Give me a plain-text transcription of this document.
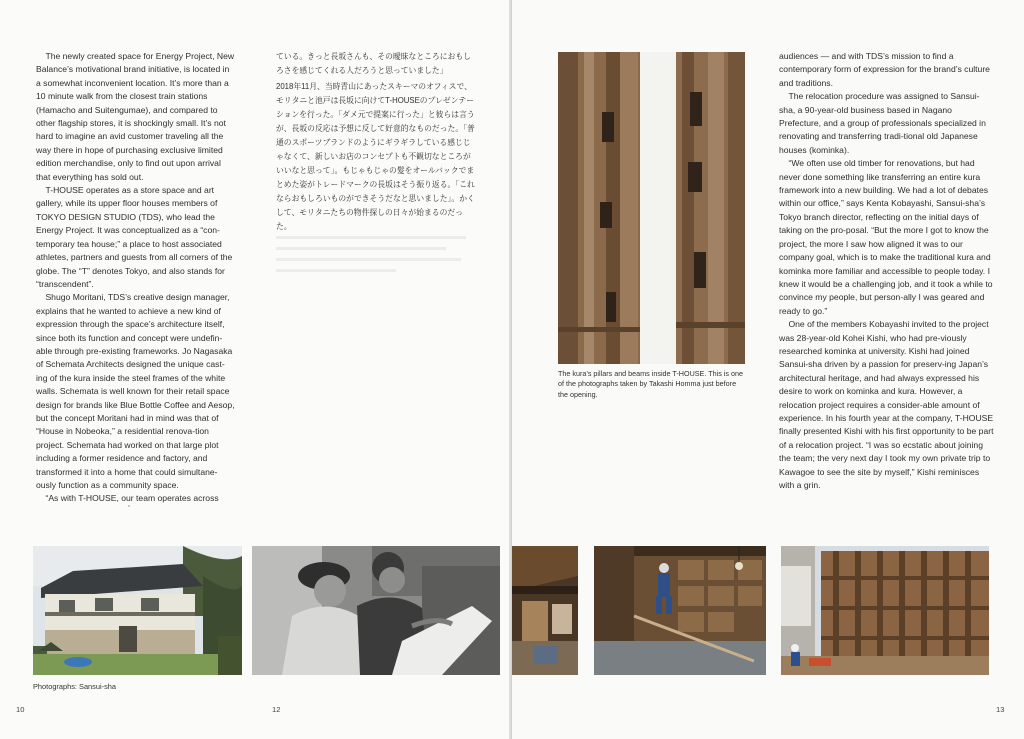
The newly created space for Energy Project, New Balance’s motivational brand initiative, is located in a somewhat inconvenient location. It’s more than a 10 minute walk from the closest train stations (Hamacho and Suitengumae), and compared to other flagship stores, it is shockingly small. It’s not hard to imagine an avid customer traveling all the way there in hope of purchasing exclusive limited edition merchandise, only to find out upon arrival that everything has sold out.

T-HOUSE operates as a store space and art gallery, while its upper floor houses members of TOKYO DESIGN STUDIO (TDS), who lead the Energy Project. It was conceptualized as a “con-temporary tea house;” a place to host associated athletes, partners and guests from all corners of the globe. The “T” denotes Tokyo, and also stands for “transcendent”.

Shugo Moritani, TDS’s creative design manager, explains that he wanted to achieve a new kind of expression through the space’s architecture itself, since both its function and concept were undefin-able through pre-existing frameworks. Jo Nagasaka of Schemata Architects designed the unique cast-ing of the kura inside the steel frames of the white walls. Schemata is well known for their retail space design for brands like Blue Bottle Coffee and Aesop, but the concept Moritani had in mind was that of “House in Nobeoka,” a residential renova-tion project. Schemata had worked on that large plot including a former residence and factory, and transformed it into a home that could simultane-ously function as a community space.

“As with T-HOUSE, our team operates across

ている。きっと長坂さんも、その曖昧なところにおもしろさを感じてくれる人だろうと思っていました」

2018年11月、当時青山にあったスキーマのオフィスで、モリタニと池戸は長坂に向けてT-HOUSEのプレゼンテーションを行った。「ダメ元で提案に行った」と彼らは言うが、長坂の反応は予想に反して好意的なものだった。「普通のスポーツブランドのようにギラギラしている感じじゃなくて、新しいお店のコンセプトも不観切なところがいいなと思って」。もじゃもじゃの髪をオールバックでまとめた姿がトレードマークの長坂はそう振り返る。「これならおもしろいものができそうだなと思いました」。かくして、モリタニたちの物件探しの日々が始まるのだった。

Photographs: Sansui-sha
10	12
The kura’s pillars and beams inside T-HOUSE. This is one of the photographs taken by Takashi Homma just before the opening.

audiences — and with TDS’s mission to find a contemporary form of expression for the brand’s culture and traditions.

The relocation procedure was assigned to Sansui-sha, a 90-year-old business based in Nagano Prefecture, and a group of professionals specialized in renovating and transferring tradi-tional old Japanese houses (kominka).

“We often use old timber for renovations, but had never done something like transferring an entire kura framework into a new building. We had a lot of debates within our office,” says Kenta Kobayashi, Sansui-sha’s Tokyo branch director, reflecting on the initial days of taking on the pro-posal. “But the more I got to know the project, the more I saw how aligned it was to our company goal, which is to make the traditional kura and kominka more familiar and accessible to people today. I knew it would be a challenging job, and it took a while to convince my people, but person-ally I was geared and ready to go.”

One of the members Kobayashi invited to the project was 28-year-old Kohei Kishi, who had pre-viously researched kominka at university. Kishi had joined Sansui-sha driven by a passion for preserv-ing Japan’s architectural heritage, and had always expressed his desire to work on kominka and kura. However, a relocation project requires a consider-able amount of experience. In his fourth year at the company, T-HOUSE finally presented Kishi with his first opportunity to be part of a relocation project. “I was so ecstatic about joining the team; the very next day I took my own private trip to Kawagoe to see the site by myself,” Kishi reminisces with a grin.

13
